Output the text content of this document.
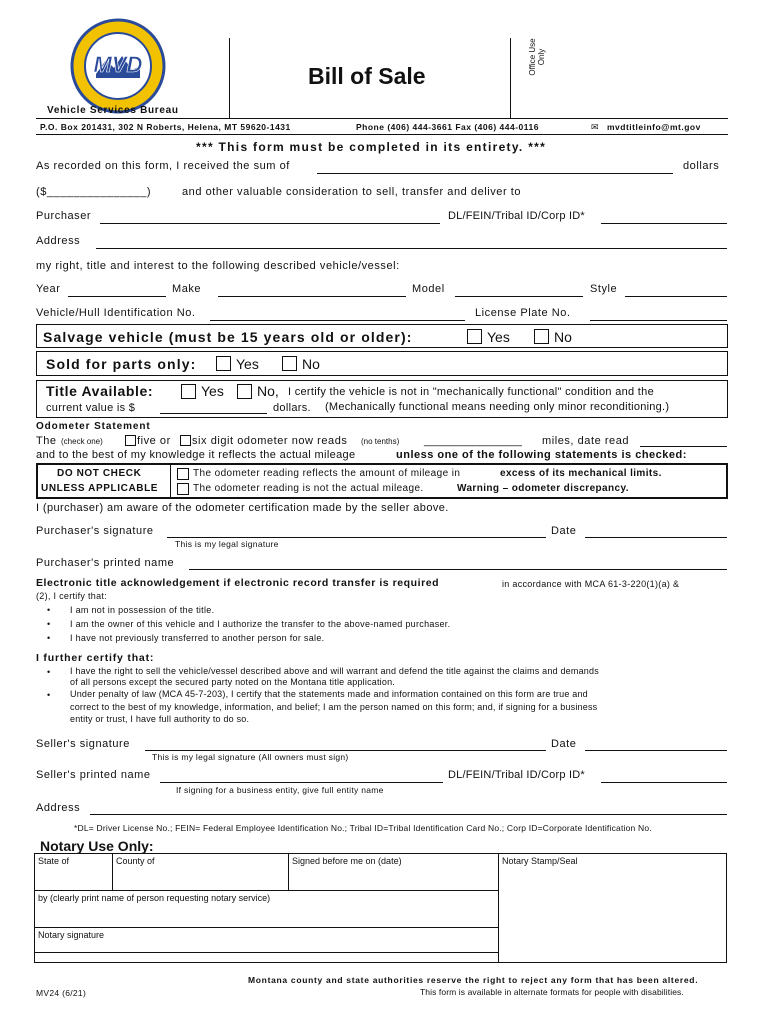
MVD	Bill of Sale
Office Use Only
Vehicle Services Bureau
P.O. Box 201431, 302 N Roberts, Helena, MT 59620-1431	Phone (406) 444-3661 Fax (406) 444-0116	✉ mvdtitleinfo@mt.gov
*** This form must be completed in its entirety. ***
As recorded on this form, I received the sum of	dollars
($_______________)	and other valuable consideration to sell, transfer and deliver to
Purchaser	DL/FEIN/Tribal ID/Corp ID*
Address
my right, title and interest to the following described vehicle/vessel:
Year	Make	Model	Style
Vehicle/Hull Identification No.	License Plate No.
Salvage vehicle (must be 15 years old or older):	Yes	No
Sold for parts only:	Yes	No
Title Available:	Yes No, I certify the vehicle is not in "mechanically functional" condition and the
current value is $	dollars. (Mechanically functional means needing only minor reconditioning.)
Odometer Statement
The (check one)	five or six digit odometer now reads (no tenths) ________________ miles, date read
and to the best of my knowledge it reflects the actual mileage	unless one of the following statements is checked:
DO NOT CHECK
UNLESS APPLICABLE
The odometer reading reflects the amount of mileage in	excess of its mechanical limits.
The odometer reading is not the actual mileage.	Warning – odometer discrepancy.
I (purchaser) am aware of the odometer certification made by the seller above.
Purchaser's signature	Date
This is my legal signature
Purchaser's printed name
Electronic title acknowledgement if electronic record transfer is required	in accordance with MCA 61-3-220(1)(a) &
(2), I certify that:
• I am not in possession of the title.
• I am the owner of this vehicle and I authorize the transfer to the above-named purchaser.
• I have not previously transferred to another person for sale.
I further certify that:
• I have the right to sell the vehicle/vessel described above and will warrant and defend the title against the claims and demands
of all persons except the secured party noted on the Montana title application.
• Under penalty of law (MCA 45-7-203), I certify that the statements made and information contained on this form are true and
correct to the best of my knowledge, information, and belief; I am the person named on this form; and, if signing for a business
entity or trust, I have full authority to do so.
Seller's signature	Date
This is my legal signature (All owners must sign)
Seller's printed name	DL/FEIN/Tribal ID/Corp ID*
If signing for a business entity, give full entity name
Address
*DL= Driver License No.; FEIN= Federal Employee Identification No.; Tribal ID=Tribal Identification Card No.; Corp ID=Corporate Identification No.
Notary Use Only:
State of	County of	Signed before me on (date)
by (clearly print name of person requesting notary service)
Notary signature
Notary Stamp/Seal
Montana county and state authorities reserve the right to reject any form that has been altered.
MV24 (6/21)	This form is available in alternate formats for people with disabilities.
